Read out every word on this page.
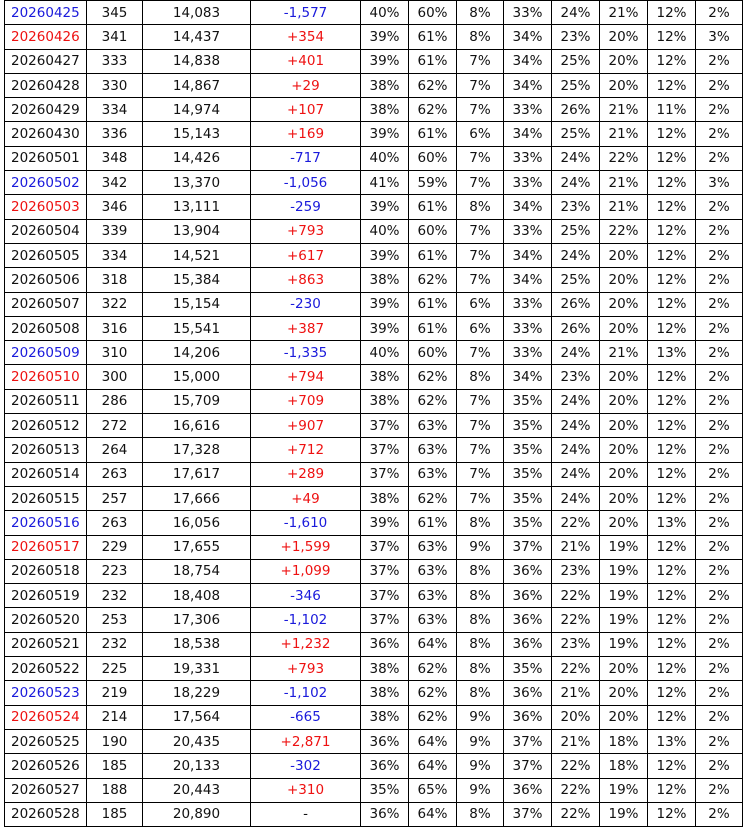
20260425	345	14,083	-1,577	40%	60%	8%	33%	24%	21%	12%	2%
20260426	341	14,437	+354	39%	61%	8%	34%	23%	20%	12%	3%
20260427	333	14,838	+401	39%	61%	7%	34%	25%	20%	12%	2%
20260428	330	14,867	+29	38%	62%	7%	34%	25%	20%	12%	2%
20260429	334	14,974	+107	38%	62%	7%	33%	26%	21%	11%	2%
20260430	336	15,143	+169	39%	61%	6%	34%	25%	21%	12%	2%
20260501	348	14,426	-717	40%	60%	7%	33%	24%	22%	12%	2%
20260502	342	13,370	-1,056	41%	59%	7%	33%	24%	21%	12%	3%
20260503	346	13,111	-259	39%	61%	8%	34%	23%	21%	12%	2%
20260504	339	13,904	+793	40%	60%	7%	33%	25%	22%	12%	2%
20260505	334	14,521	+617	39%	61%	7%	34%	24%	20%	12%	2%
20260506	318	15,384	+863	38%	62%	7%	34%	25%	20%	12%	2%
20260507	322	15,154	-230	39%	61%	6%	33%	26%	20%	12%	2%
20260508	316	15,541	+387	39%	61%	6%	33%	26%	20%	12%	2%
20260509	310	14,206	-1,335	40%	60%	7%	33%	24%	21%	13%	2%
20260510	300	15,000	+794	38%	62%	8%	34%	23%	20%	12%	2%
20260511	286	15,709	+709	38%	62%	7%	35%	24%	20%	12%	2%
20260512	272	16,616	+907	37%	63%	7%	35%	24%	20%	12%	2%
20260513	264	17,328	+712	37%	63%	7%	35%	24%	20%	12%	2%
20260514	263	17,617	+289	37%	63%	7%	35%	24%	20%	12%	2%
20260515	257	17,666	+49	38%	62%	7%	35%	24%	20%	12%	2%
20260516	263	16,056	-1,610	39%	61%	8%	35%	22%	20%	13%	2%
20260517	229	17,655	+1,599	37%	63%	9%	37%	21%	19%	12%	2%
20260518	223	18,754	+1,099	37%	63%	8%	36%	23%	19%	12%	2%
20260519	232	18,408	-346	37%	63%	8%	36%	22%	19%	12%	2%
20260520	253	17,306	-1,102	37%	63%	8%	36%	22%	19%	12%	2%
20260521	232	18,538	+1,232	36%	64%	8%	36%	23%	19%	12%	2%
20260522	225	19,331	+793	38%	62%	8%	35%	22%	20%	12%	2%
20260523	219	18,229	-1,102	38%	62%	8%	36%	21%	20%	12%	2%
20260524	214	17,564	-665	38%	62%	9%	36%	20%	20%	12%	2%
20260525	190	20,435	+2,871	36%	64%	9%	37%	21%	18%	13%	2%
20260526	185	20,133	-302	36%	64%	9%	37%	22%	18%	12%	2%
20260527	188	20,443	+310	35%	65%	9%	36%	22%	19%	12%	2%
20260528	185	20,890	-	36%	64%	8%	37%	22%	19%	12%	2%
